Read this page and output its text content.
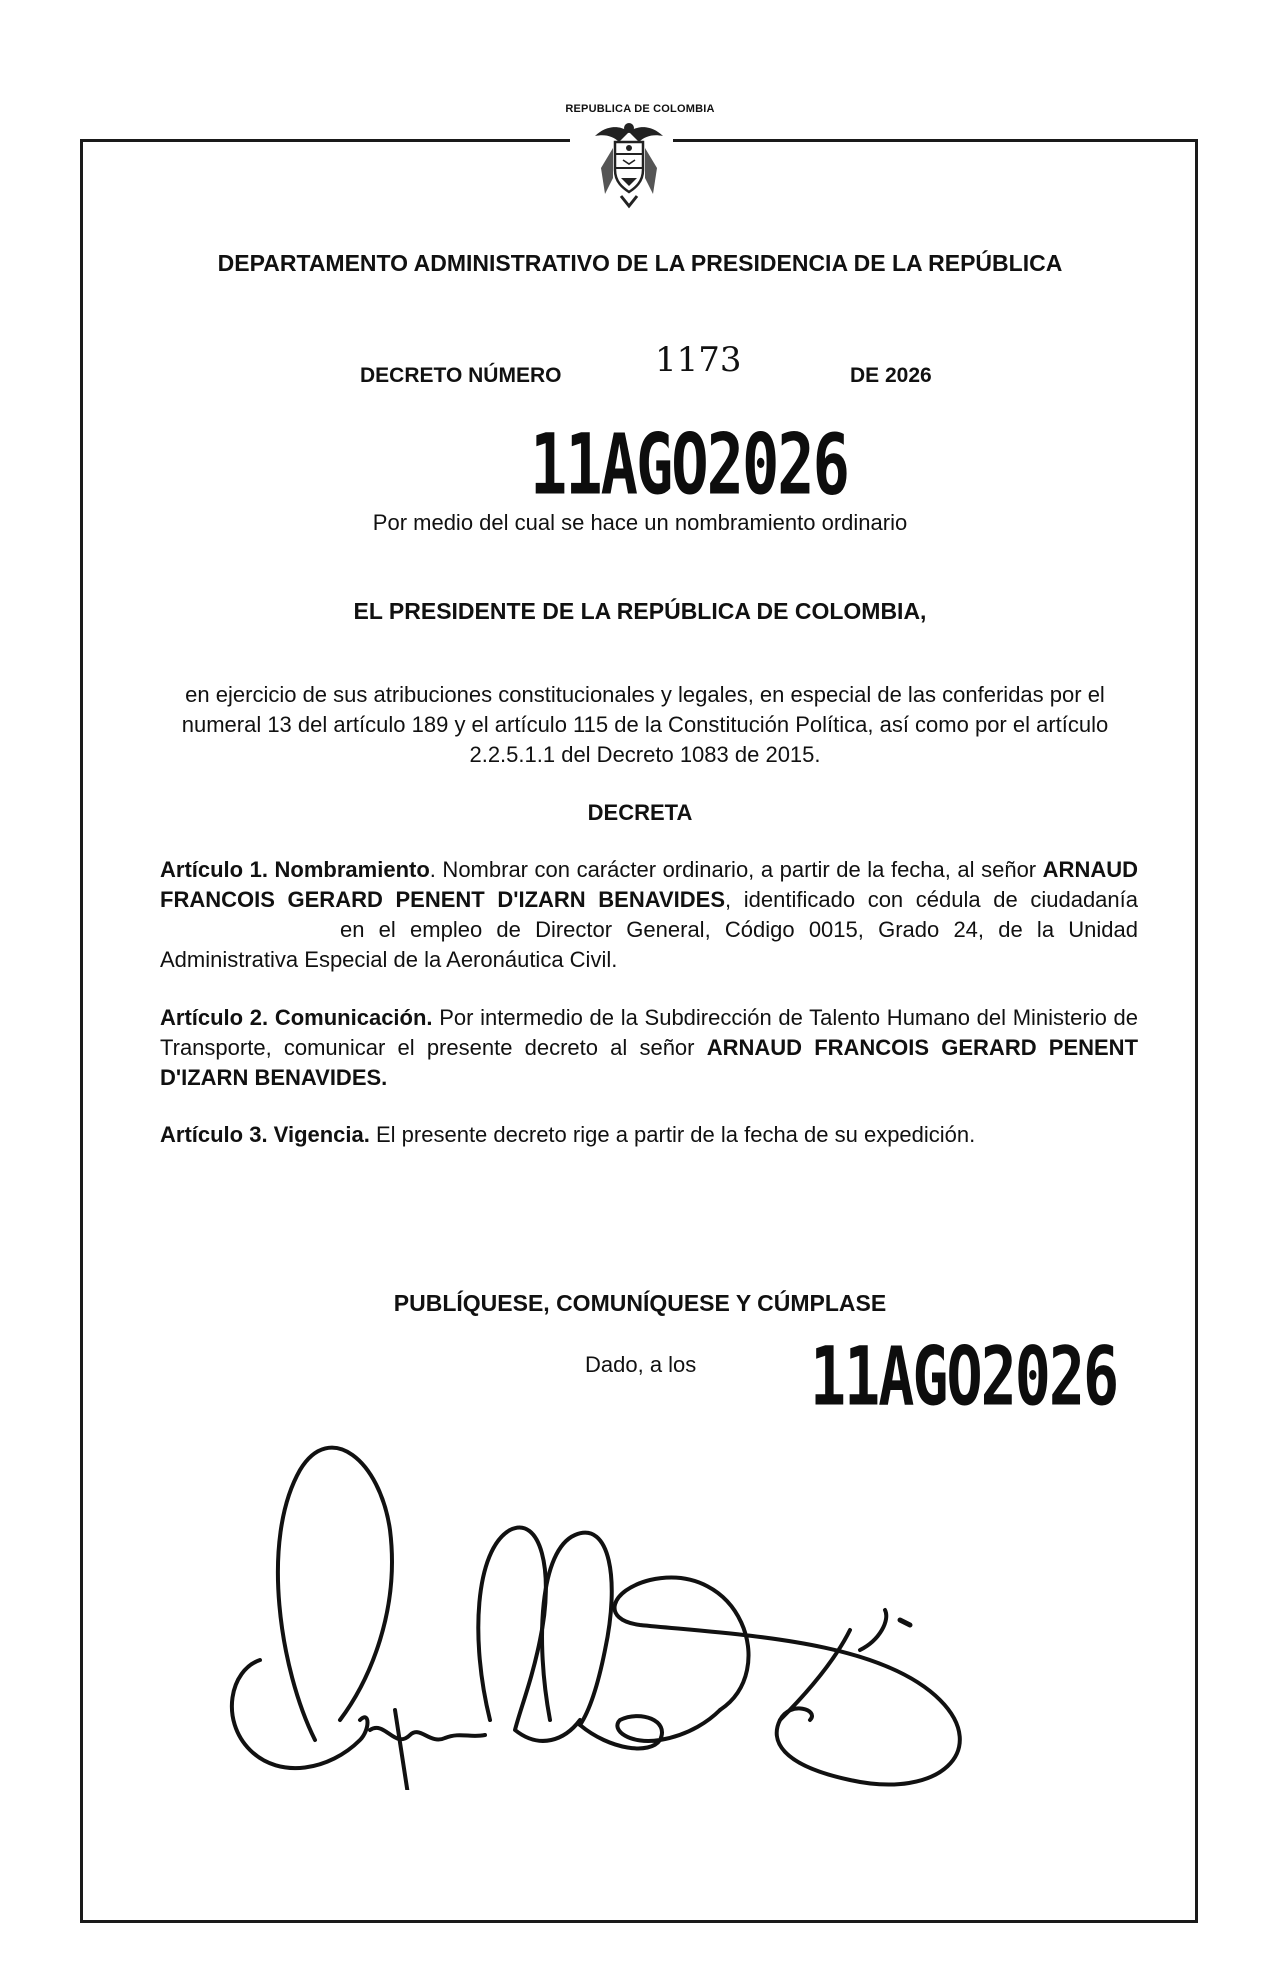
REPUBLICA DE COLOMBIA
DEPARTAMENTO ADMINISTRATIVO DE LA PRESIDENCIA DE LA REPÚBLICA
DECRETO NÚMERO	1173	DE 2026
11AGO2026
Por medio del cual se hace un nombramiento ordinario
EL PRESIDENTE DE LA REPÚBLICA DE COLOMBIA,
en ejercicio de sus atribuciones constitucionales y legales, en especial de las conferidas por el numeral 13 del artículo 189 y el artículo 115 de la Constitución Política, así como por el artículo 2.2.5.1.1 del Decreto 1083 de 2015.
DECRETA
Artículo 1. Nombramiento. Nombrar con carácter ordinario, a partir de la fecha, al señor ARNAUD FRANCOIS GERARD PENENT D'IZARN BENAVIDES, identificado con cédula de ciudadaníaen el empleo de Director General, Código 0015, Grado 24, de la Unidad Administrativa Especial de la Aeronáutica Civil.
Artículo 2. Comunicación. Por intermedio de la Subdirección de Talento Humano del Ministerio de Transporte, comunicar el presente decreto al señor ARNAUD FRANCOIS GERARD PENENT D'IZARN BENAVIDES.
Artículo 3. Vigencia. El presente decreto rige a partir de la fecha de su expedición.
PUBLÍQUESE, COMUNÍQUESE Y CÚMPLASE
Dado, a los 11AGO2026
